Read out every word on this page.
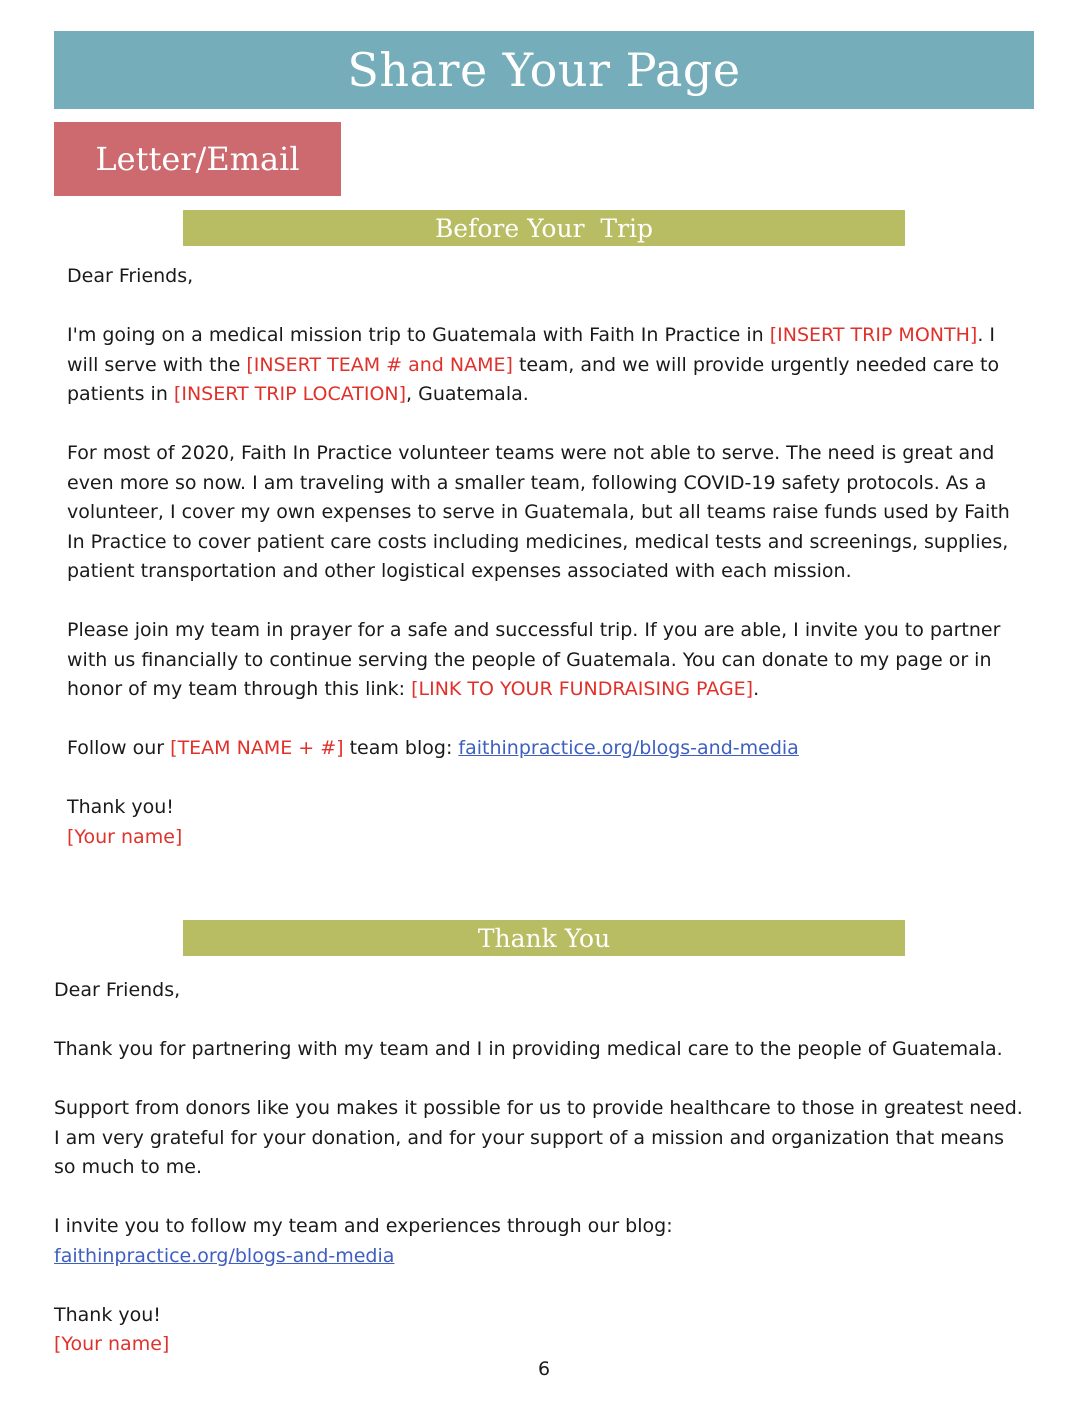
Share Your Page
Letter/Email
Before Your  Trip

Dear Friends,

I'm going on a medical mission trip to Guatemala with Faith In Practice in [INSERT TRIP MONTH]. I will serve with the [INSERT TEAM # and NAME] team, and we will provide urgently needed care to patients in [INSERT TRIP LOCATION], Guatemala.

For most of 2020, Faith In Practice volunteer teams were not able to serve. The need is great and even more so now. I am traveling with a smaller team, following COVID-19 safety protocols. As a volunteer, I cover my own expenses to serve in Guatemala, but all teams raise funds used by Faith In Practice to cover patient care costs including medicines, medical tests and screenings, supplies, patient transportation and other logistical expenses associated with each mission.

Please join my team in prayer for a safe and successful trip. If you are able, I invite you to partner with us financially to continue serving the people of Guatemala. You can donate to my page or in honor of my team through this link: [LINK TO YOUR FUNDRAISING PAGE].

Follow our [TEAM NAME + #] team blog: faithinpractice.org/blogs-and-media

Thank you!

[Your name]

Thank You

Dear Friends,

Thank you for partnering with my team and I in providing medical care to the people of Guatemala.

Support from donors like you makes it possible for us to provide healthcare to those in greatest need. I am very grateful for your donation, and for your support of a mission and organization that means so much to me.

I invite you to follow my team and experiences through our blog:
faithinpractice.org/blogs-and-media

Thank you!

[Your name]

6
